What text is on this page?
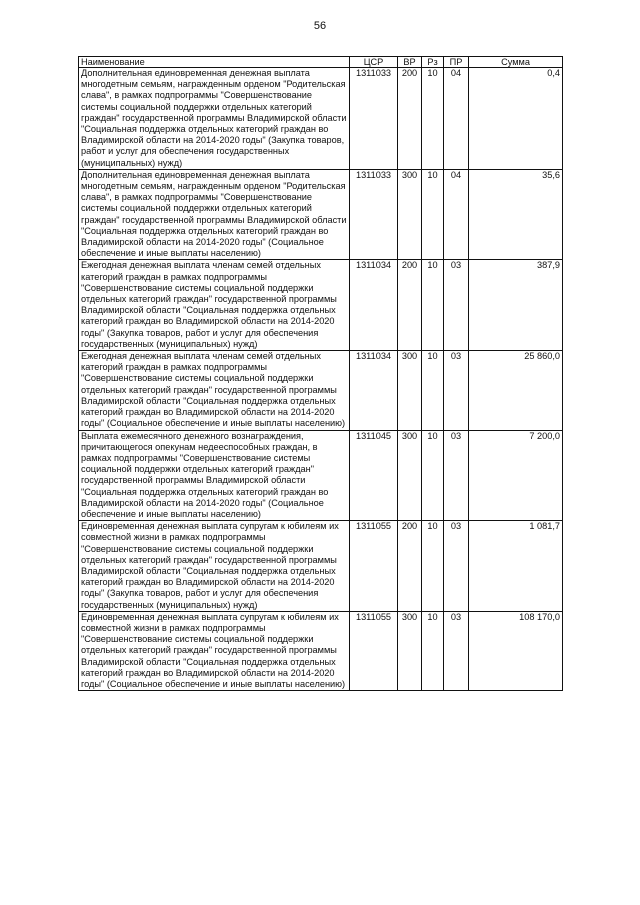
56
Наименование	ЦСР	ВР	Рз	ПР	Сумма
Дополнительная единовременная денежная выплата многодетным семьям, награжденным орденом "Родительская слава", в рамках подпрограммы "Совершенствование системы социальной поддержки отдельных категорий граждан" государственной программы Владимирской области "Социальная поддержка отдельных категорий граждан во Владимирской области на 2014-2020 годы" (Закупка товаров, работ и услуг для обеспечения государственных (муниципальных) нужд)	1311033	200	10	04	0,4
Дополнительная единовременная денежная выплата многодетным семьям, награжденным орденом "Родительская слава", в рамках подпрограммы "Совершенствование системы социальной поддержки отдельных категорий граждан" государственной программы Владимирской области "Социальная поддержка отдельных категорий граждан во Владимирской области на 2014-2020 годы" (Социальное обеспечение и иные выплаты населению)	1311033	300	10	04	35,6
Ежегодная денежная выплата членам семей отдельных категорий граждан в рамках подпрограммы "Совершенствование системы социальной поддержки отдельных категорий граждан" государственной программы Владимирской области "Социальная поддержка отдельных категорий граждан во Владимирской области на 2014-2020 годы" (Закупка товаров, работ и услуг для обеспечения государственных (муниципальных) нужд)	1311034	200	10	03	387,9
Ежегодная денежная выплата членам семей отдельных категорий граждан в рамках подпрограммы "Совершенствование системы социальной поддержки отдельных категорий граждан" государственной программы Владимирской области "Социальная поддержка отдельных категорий граждан во Владимирской области на 2014-2020 годы" (Социальное обеспечение и иные выплаты населению)	1311034	300	10	03	25 860,0
Выплата ежемесячного денежного вознаграждения, причитающегося опекунам недееспособных граждан, в рамках подпрограммы "Совершенствование системы социальной поддержки отдельных категорий граждан" государственной программы Владимирской области "Социальная поддержка отдельных категорий граждан во Владимирской области на 2014-2020 годы" (Социальное обеспечение и иные выплаты населению)	1311045	300	10	03	7 200,0
Единовременная денежная выплата супругам к юбилеям их совместной жизни в рамках подпрограммы "Совершенствование системы социальной поддержки отдельных категорий граждан" государственной программы Владимирской области "Социальная поддержка отдельных категорий граждан во Владимирской области на 2014-2020 годы" (Закупка товаров, работ и услуг для обеспечения государственных (муниципальных) нужд)	1311055	200	10	03	1 081,7
Единовременная денежная выплата супругам к юбилеям их совместной жизни в рамках подпрограммы "Совершенствование системы социальной поддержки отдельных категорий граждан" государственной программы Владимирской области "Социальная поддержка отдельных категорий граждан во Владимирской области на 2014-2020 годы" (Социальное обеспечение и иные выплаты населению)	1311055	300	10	03	108 170,0
